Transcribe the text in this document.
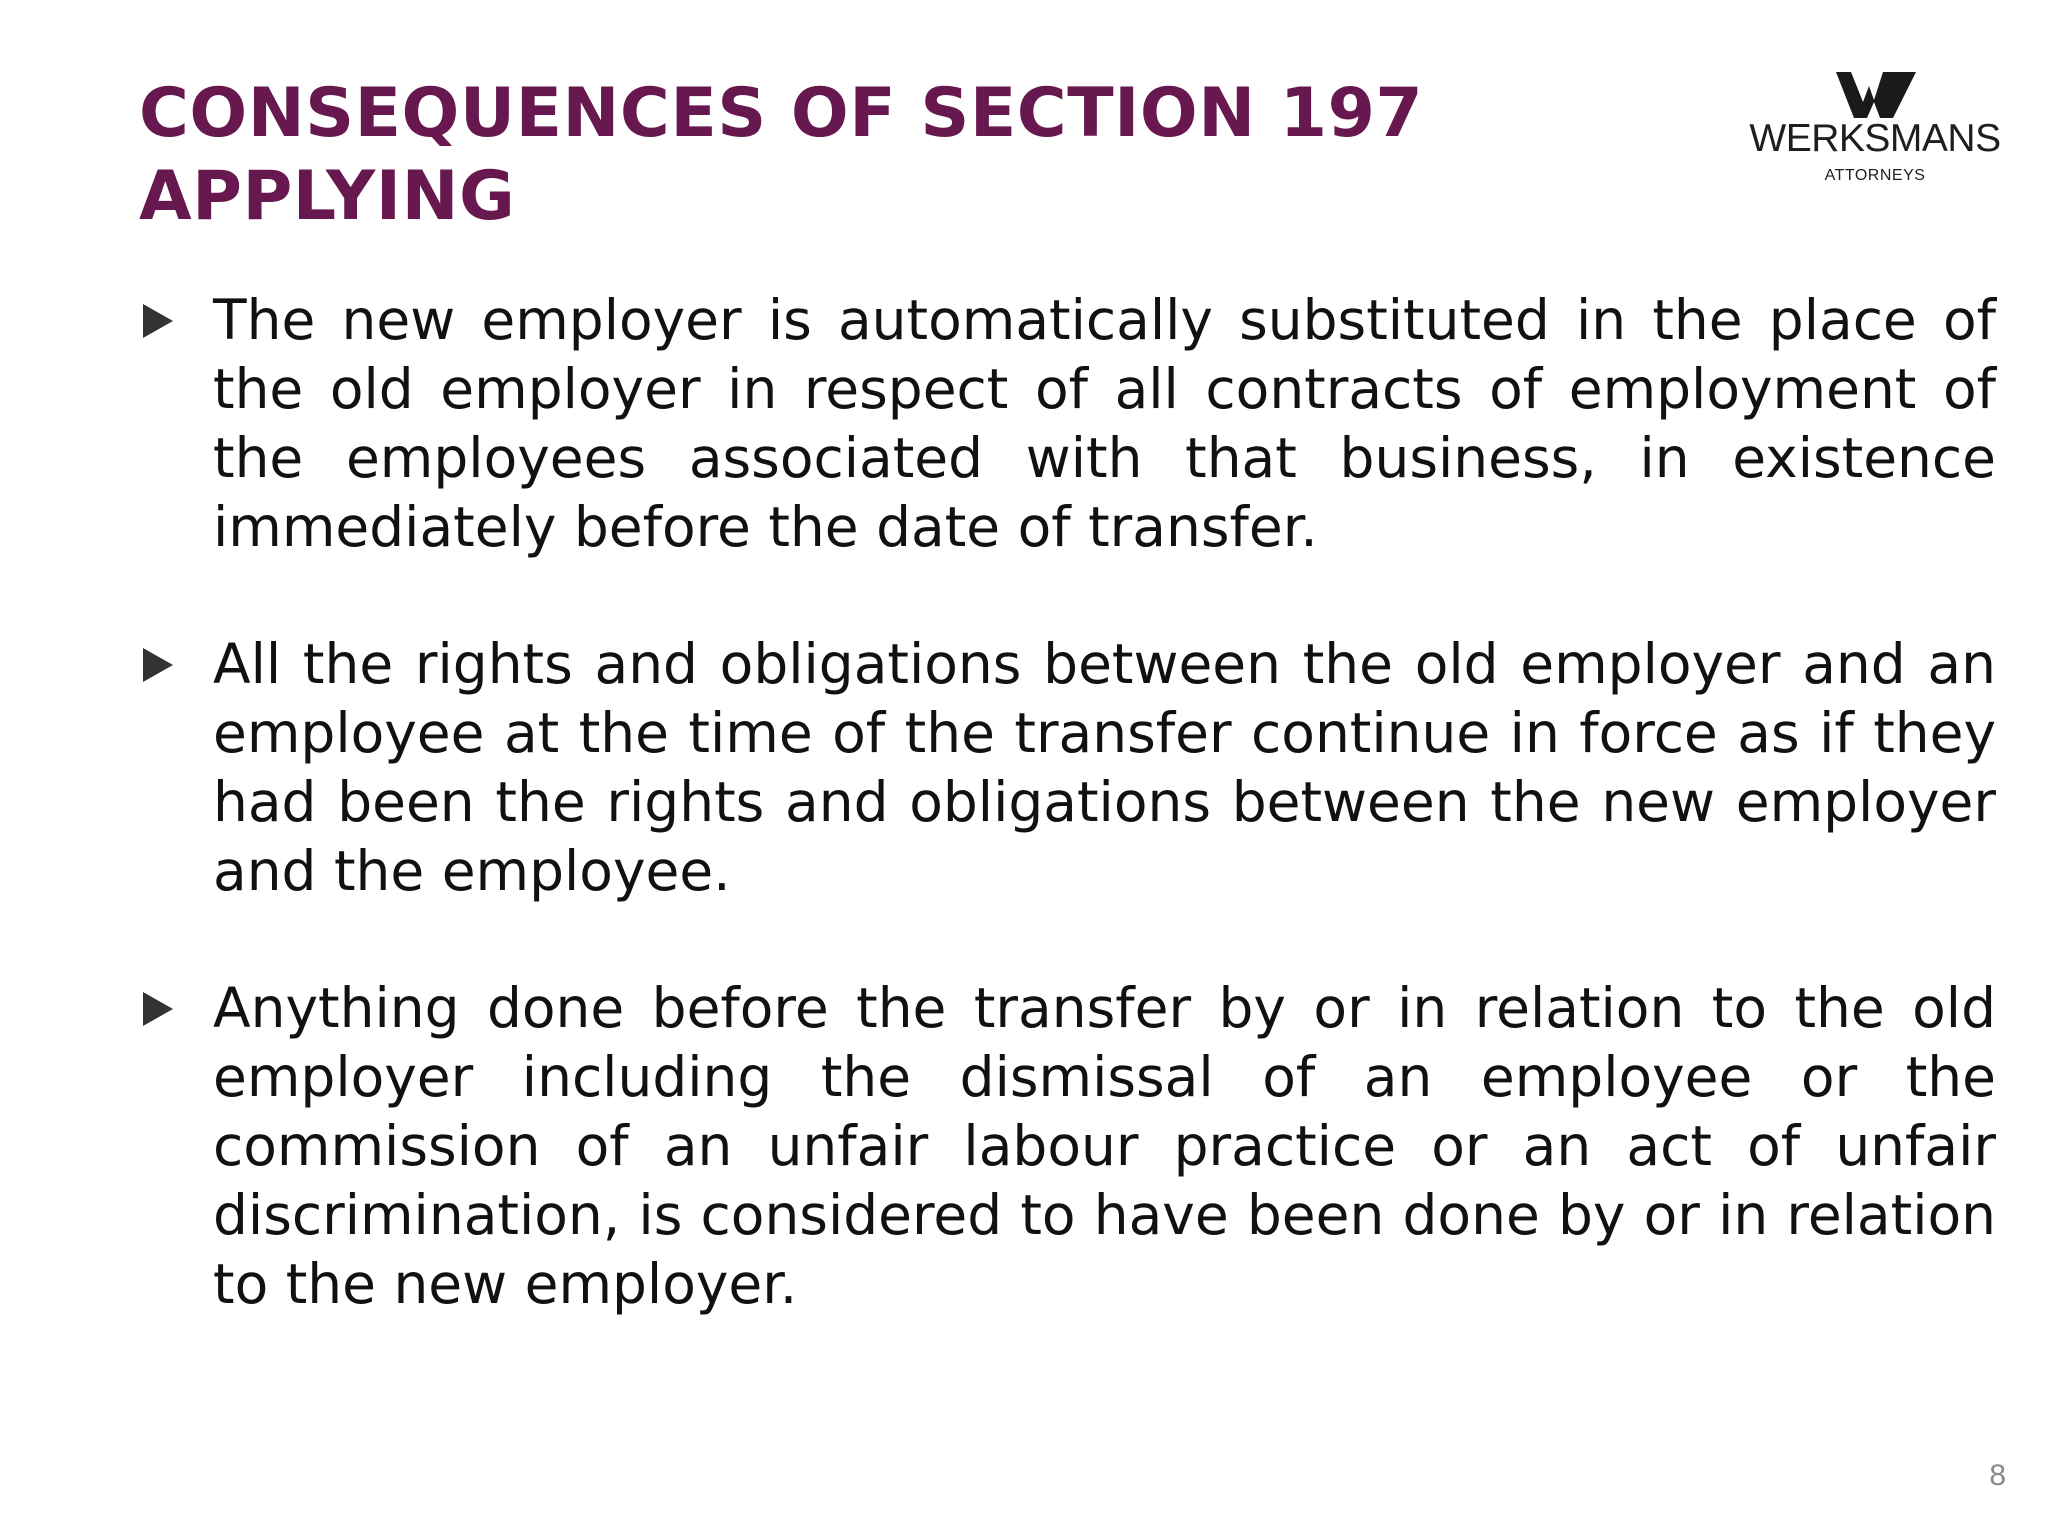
CONSEQUENCES OF SECTION 197 APPLYING
WERKSMANS
ATTORNEYS
The new employer is automatically substituted in the place of the old employer in respect of all contracts of employment of the employees associated with that business, in existence immediately before the date of transfer.
All the rights and obligations between the old employer and an employee at the time of the transfer continue in force as if they had been the rights and obligations between the new employer and the employee.
Anything done before the transfer by or in relation to the old employer including the dismissal of an employee or the commission of an unfair labour practice or an act of unfair discrimination, is considered to have been done by or in relation to the new employer.
8
